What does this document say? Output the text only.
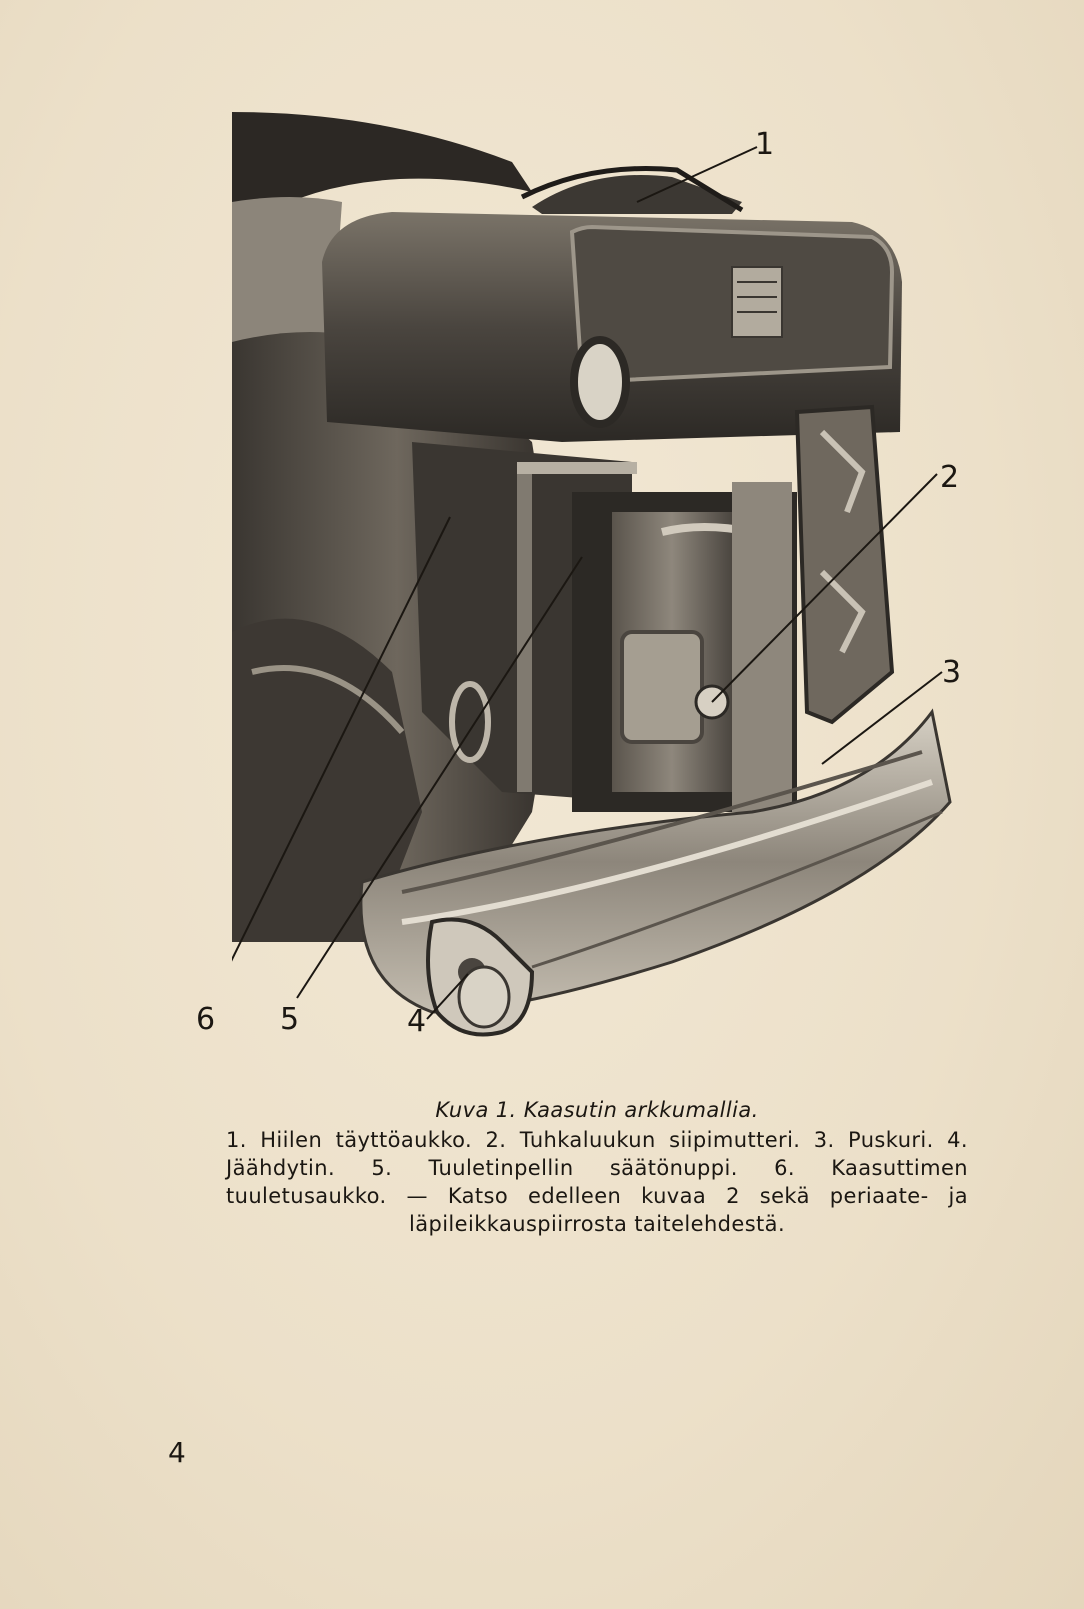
1
2
3
4
5
6
Kuva 1. Kaasutin arkkumallia.

1. Hiilen täyttöaukko. 2. Tuhkaluukun siipimutteri. 3. Puskuri. 4. Jäähdytin. 5. Tuuletinpellin säätönuppi. 6. Kaasuttimen tuuletusaukko. — Katso edelleen kuvaa 2 sekä periaate- ja läpileikkauspiirrosta taitelehdestä.

4
